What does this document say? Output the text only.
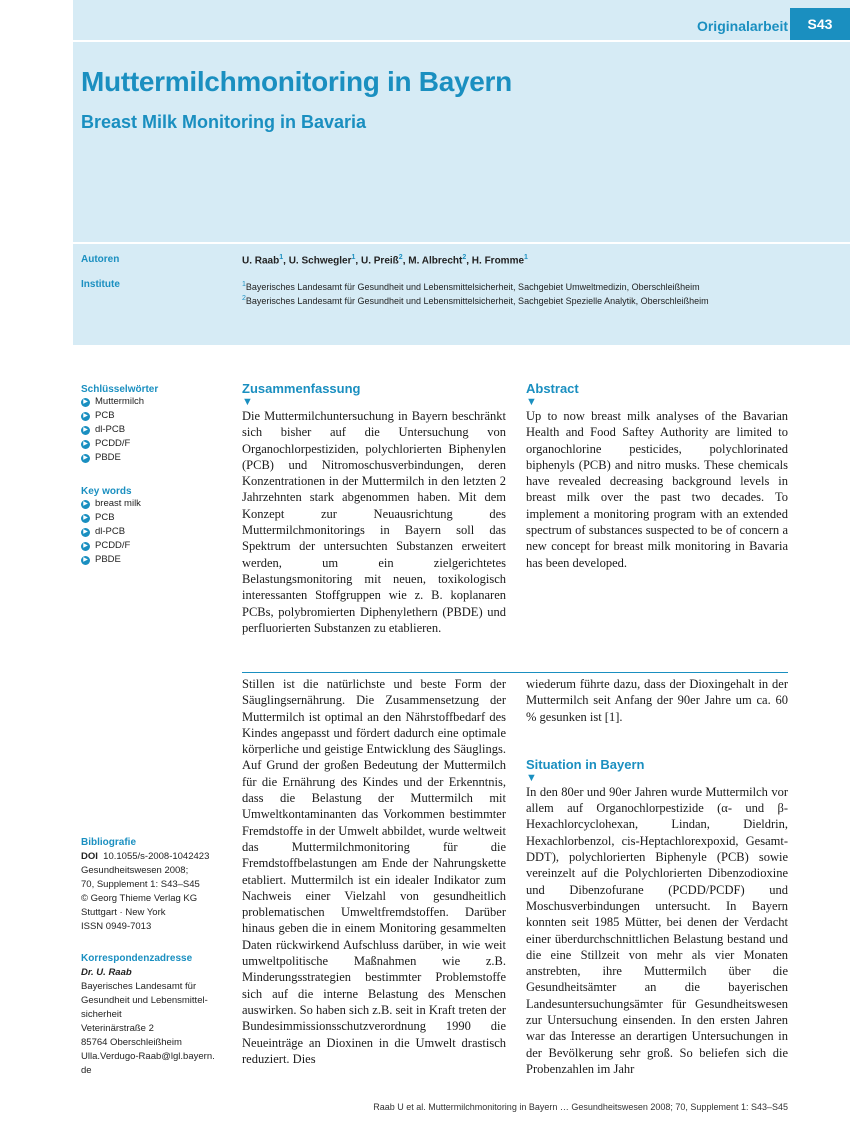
Originalarbeit	S43
Muttermilchmonitoring in Bayern
Breast Milk Monitoring in Bavaria
Autoren
Institute
U. Raab$^1$, U. Schwegler$^1$, U. Preiß$^2$, M. Albrecht$^2$, H. Fromme$^1$
$^1$Bayerisches Landesamt für Gesundheit und Lebensmittelsicherheit, Sachgebiet Umweltmedizin, Oberschleißheim
$^2$Bayerisches Landesamt für Gesundheit und Lebensmittelsicherheit, Sachgebiet Spezielle Analytik, Oberschleißheim
Schlüsselwörter
▶ Muttermilch
▶ PCB
▶ dl-PCB
▶ PCDD/F
▶ PBDE
Key words
▶ breast milk
▶ PCB
▶ dl-PCB
▶ PCDD/F
▶ PBDE
Zusammenfassung
▼
Die Muttermilchuntersuchung in Bayern beschränkt sich bisher auf die Untersuchung von Organochlorpestiziden, polychlorierten Biphenylen (PCB) und Nitromoschusverbindungen, deren Konzentrationen in der Muttermilch in den letzten 2 Jahrzehnten stark abgenommen haben. Mit dem Konzept zur Neuausrichtung des Muttermilchmonitorings in Bayern soll das Spektrum der untersuchten Substanzen erweitert werden, um ein zielgerichtetes Belastungsmonitoring mit neuen, toxikologisch interessanten Stoffgruppen wie z. B. koplanaren PCBs, polybromierten Diphenylethern (PBDE) und perfluorierten Substanzen zu etablieren.
Abstract
▼
Up to now breast milk analyses of the Bavarian Health and Food Saftey Authority are limited to organochlorine pesticides, polychlorinated biphenyls (PCB) and nitro musks. These chemicals have revealed decreasing background levels in breast milk over the past two decades. To implement a monitoring program with an extended spectrum of substances suspected to be of concern a new concept for breast milk monitoring in Bavaria has been developed.
Stillen ist die natürlichste und beste Form der Säuglingsernährung. Die Zusammensetzung der Muttermilch ist optimal an den Nährstoffbedarf des Kindes angepasst und fördert dadurch eine optimale körperliche und geistige Entwicklung des Säuglings. Auf Grund der großen Bedeutung der Muttermilch für die Ernährung des Kindes und der Erkenntnis, dass die Belastung der Muttermilch mit Umweltkontaminanten das Vorkommen bestimmter Fremdstoffe in der Umwelt abbildet, wurde weltweit das Muttermilchmonitoring für die Fremdstoffbelastungen am Ende der Nahrungskette etabliert. Muttermilch ist ein idealer Indikator zum Nachweis einer Vielzahl von gesundheitlich problematischen Umweltfremdstoffen. Darüber hinaus geben die in einem Monitoring gesammelten Daten rückwirkend Aufschluss darüber, in wie weit umweltpolitische Maßnahmen wie z.B. Minderungsstrategien bestimmter Problemstoffe sich auf die interne Belastung des Menschen auswirken. So haben sich z.B. seit in Kraft treten der Bundesimmissionsschutzverordnung 1990 die Neueinträge an Dioxinen in die Umwelt drastisch reduziert. Dies
wiederum führte dazu, dass der Dioxingehalt in der Muttermilch seit Anfang der 90er Jahre um ca. 60 % gesunken ist [1].
Situation in Bayern
▼
In den 80er und 90er Jahren wurde Muttermilch vor allem auf Organochlorpestizide (α- und β-Hexachlorcyclohexan, Lindan, Dieldrin, Hexachlorbenzol, cis-Heptachlorexpoxid, Gesamt- DDT), polychlorierten Biphenyle (PCB) sowie vereinzelt auf die Polychlorierten Dibenzodioxine und Dibenzofurane (PCDD/PCDF) und Moschusverbindungen untersucht. In Bayern konnten seit 1985 Mütter, bei denen der Verdacht einer überdurchschnittlichen Belastung bestand und die eine Stillzeit von mehr als vier Monaten anstrebten, ihre Muttermilch über die Gesundheitsämter an die bayerischen Landesuntersuchungsämter für Gesundheitswesen zur Untersuchung einsenden. In den ersten Jahren war das Interesse an derartigen Untersuchungen in der Bevölkerung sehr groß. So beliefen sich die Probenzahlen im Jahr
Bibliografie
DOI 10.1055/s-2008-1042423
Gesundheitswesen 2008;
70, Supplement 1: S43–S45
© Georg Thieme Verlag KG
Stuttgart · New York
ISSN 0949-7013
Korrespondenzadresse
Dr. U. Raab
Bayerisches Landesamt für
Gesundheit und Lebensmittel-
sicherheit
Veterinärstraße 2
85764 Oberschleißheim
Ulla.Verdugo-Raab@lgl.bayern.
de
Raab U et al. Muttermilchmonitoring in Bayern … Gesundheitswesen 2008; 70, Supplement 1: S43–S45
